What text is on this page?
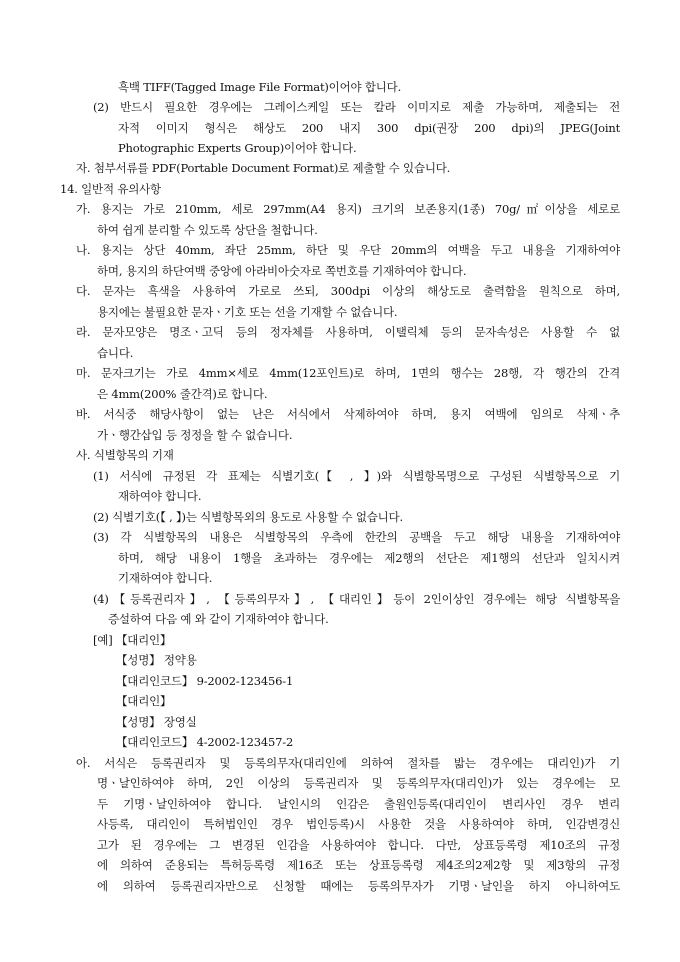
흑백 TIFF(Tagged Image File Format)이어야 합니다.
(2) 반드시 필요한 경우에는 그레이스케일 또는 칼라 이미지로 제출 가능하며, 제출되는 전
자적 이미지 형식은 해상도 200 내지 300 dpi(권장 200 dpi)의 JPEG(Joint
Photographic Experts Group)이어야 합니다.
자. 첨부서류를 PDF(Portable Document Format)로 제출할 수 있습니다.
14. 일반적 유의사항
가. 용지는 가로 210mm, 세로 297mm(A4 용지) 크기의 보존용지(1종) 70g/㎡이상을 세로로
하여 쉽게 분리할 수 있도록 상단을 철합니다.
나. 용지는 상단 40mm, 좌단 25mm, 하단 및 우단 20mm의 여백을 두고 내용을 기재하여야
하며, 용지의 하단여백 중앙에 아라비아숫자로 쪽번호를 기재하여야 합니다.
다. 문자는 흑색을 사용하여 가로로 쓰되, 300dpi 이상의 해상도로 출력함을 원칙으로 하며,
용지에는 불필요한 문자ㆍ기호 또는 선을 기재할 수 없습니다.
라. 문자모양은 명조ㆍ고딕 등의 정자체를 사용하며, 이탤릭체 등의 문자속성은 사용할 수 없
습니다.
마. 문자크기는 가로 4mm×세로 4mm(12포인트)로 하며, 1면의 행수는 28행, 각 행간의 간격
은 4mm(200% 줄간격)로 합니다.
바. 서식중 해당사항이 없는 난은 서식에서 삭제하여야 하며, 용지 여백에 임의로 삭제ㆍ추
가ㆍ행간삽입 등 정정을 할 수 없습니다.
사. 식별항목의 기재
(1) 서식에 규정된 각 표제는 식별기호(【 , 】)와 식별항목명으로 구성된 식별항목으로 기
재하여야 합니다.
(2) 식별기호(【 , 】)는 식별항목외의 용도로 사용할 수 없습니다.
(3) 각 식별항목의 내용은 식별항목의 우측에 한칸의 공백을 두고 해당 내용을 기재하여야
하며, 해당 내용이 1행을 초과하는 경우에는 제2행의 선단은 제1행의 선단과 일치시켜
기재하여야 합니다.
(4)【등록권리자】, 【등록의무자】, 【대리인】등이 2인이상인 경우에는 해당 식별항목을
증설하여 다음 예 와 같이 기재하여야 합니다.
[예] 【대리인】
【성명】 정약용
【대리인코드】 9-2002-123456-1
【대리인】
【성명】 장영실
【대리인코드】 4-2002-123457-2
아. 서식은 등록권리자 및 등록의무자(대리인에 의하여 절차를 밟는 경우에는 대리인)가 기
명ㆍ날인하여야 하며, 2인 이상의 등록권리자 및 등록의무자(대리인)가 있는 경우에는 모
두 기명ㆍ날인하여야 합니다. 날인시의 인감은 출원인등록(대리인이 변리사인 경우 변리
사등록, 대리인이 특허법인인 경우 법인등록)시 사용한 것을 사용하여야 하며, 인감변경신
고가 된 경우에는 그 변경된 인감을 사용하여야 합니다. 다만, 상표등록령 제10조의 규정
에 의하여 준용되는 특허등록령 제16조 또는 상표등록령 제4조의2제2항 및 제3항의 규정
에 의하여 등록권리자만으로 신청할 때에는 등록의무자가 기명ㆍ날인을 하지 아니하여도
